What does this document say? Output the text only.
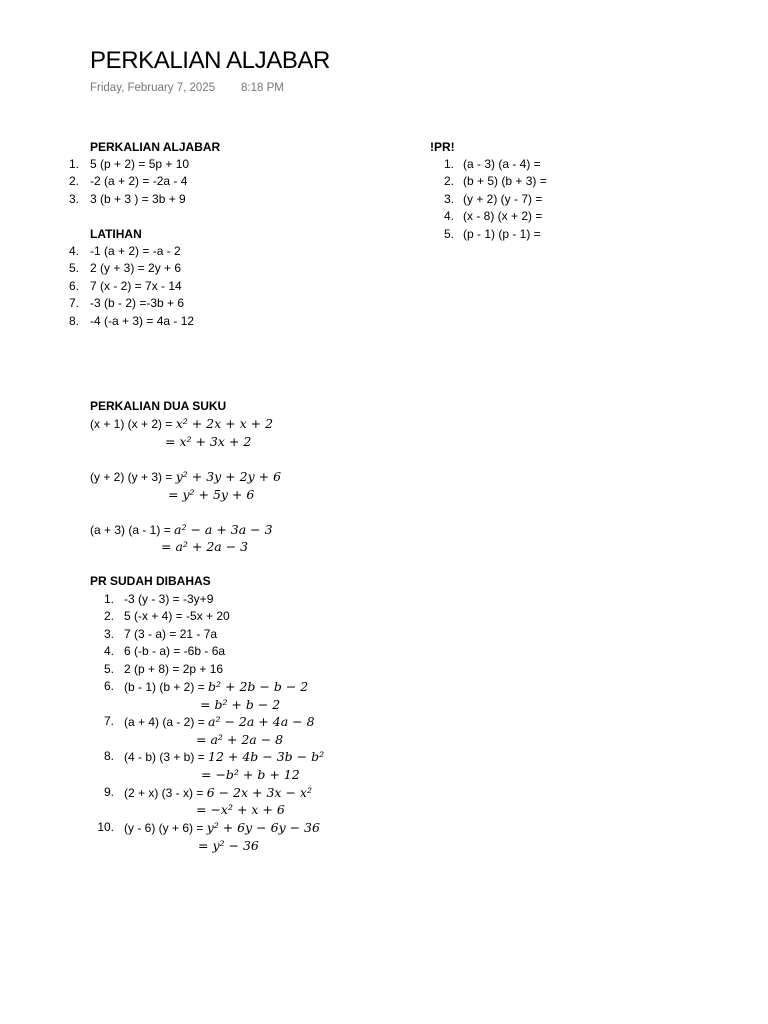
PERKALIAN ALJABAR
Friday, February 7, 2025 8:18 PM
PERKALIAN ALJABAR
1. 5 (p + 2) = 5p + 10
2. -2 (a + 2) = -2a - 4
3. 3 (b + 3 ) = 3b + 9
LATIHAN
4. -1 (a + 2) = -a - 2
5. 2 (y + 3) = 2y + 6
6. 7 (x - 2) = 7x - 14
7. -3 (b - 2) =-3b + 6
8. -4 (-a + 3) = 4a - 12
!PR!
1. (a - 3) (a - 4) =
2. (b + 5) (b + 3) =
3. (y + 2) (y - 7) =
4. (x - 8) (x + 2) =
5. (p - 1) (p - 1) =
PERKALIAN DUA SUKU
(x + 1) (x + 2) = x² + 2x + x + 2
= x² + 3x + 2
(y + 2) (y + 3) = y² + 3y + 2y + 6
= y² + 5y + 6
(a + 3) (a - 1) = a² − a + 3a − 3
= a² + 2a − 3
PR SUDAH DIBAHAS
1. -3 (y - 3) = -3y+9
2. 5 (-x + 4) = -5x + 20
3. 7 (3 - a) = 21 - 7a
4. 6 (-b - a) = -6b - 6a
5. 2 (p + 8) = 2p + 16
6. (b - 1) (b + 2) = b² + 2b − b − 2
= b² + b − 2
7. (a + 4) (a - 2) = a² − 2a + 4a − 8
= a² + 2a − 8
8. (4 - b) (3 + b) = 12 + 4b − 3b − b²
= −b² + b + 12
9. (2 + x) (3 - x) = 6 − 2x + 3x − x²
= −x² + x + 6
10. (y - 6) (y + 6) = y² + 6y − 6y − 36
= y² − 36
